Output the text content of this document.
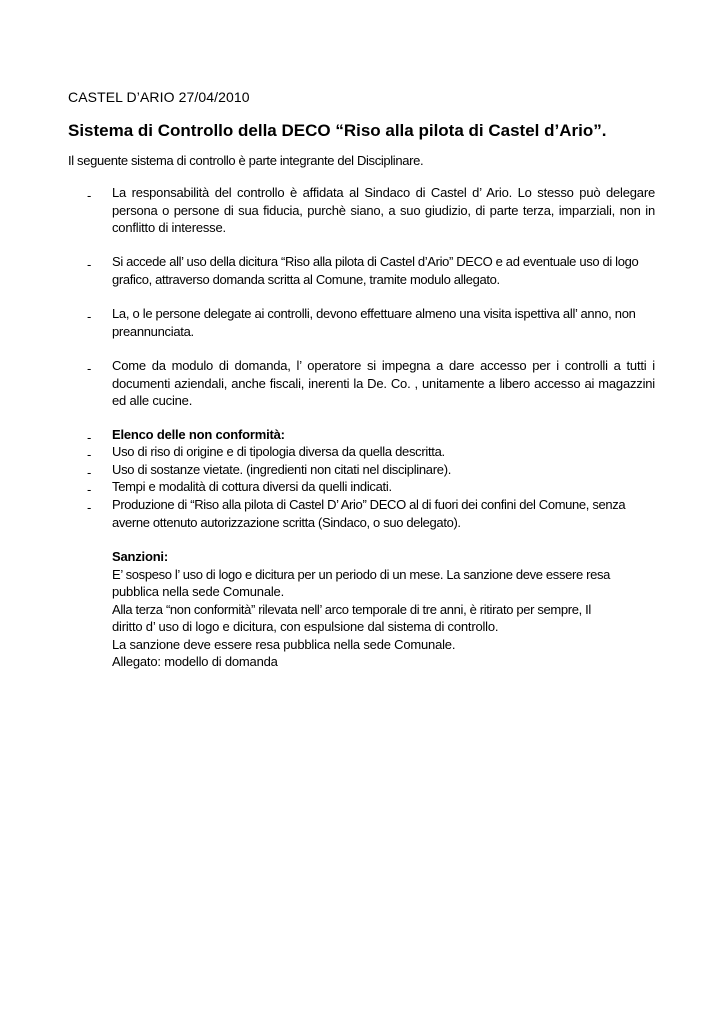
CASTEL D’ARIO 27/04/2010
Sistema di Controllo della DECO “Riso alla pilota di Castel d’Ario”.
Il seguente sistema di controllo è parte integrante del Disciplinare.
- La responsabilità del controllo è affidata al Sindaco di Castel d’ Ario. Lo stesso può delegare persona o persone di sua fiducia, purchè siano, a suo giudizio, di parte terza, imparziali, non in conflitto di interesse.
- Si accede all’ uso della dicitura “Riso alla pilota di Castel d’Ario” DECO e ad eventuale uso di logo grafico, attraverso domanda scritta al Comune, tramite modulo allegato.
- La, o le persone delegate ai controlli, devono effettuare almeno una visita ispettiva all’ anno, non preannunciata.
- Come da modulo di domanda, l’ operatore si impegna a dare accesso per i controlli a tutti i documenti aziendali, anche fiscali, inerenti la De. Co. , unitamente a libero accesso ai magazzini ed alle cucine.
- Elenco delle non conformità:
- Uso di riso di origine e di tipologia diversa da quella descritta.
- Uso di sostanze vietate. (ingredienti non citati nel disciplinare).
- Tempi e modalità di cottura diversi da quelli indicati.
- Produzione di “Riso alla pilota di Castel D’ Ario” DECO al di fuori dei confini del Comune, senza averne ottenuto autorizzazione scritta (Sindaco, o suo delegato).
Sanzioni:
E’ sospeso l’ uso di logo e dicitura per un periodo di un mese. La sanzione deve essere resa
pubblica nella sede Comunale.
Alla terza “non conformità” rilevata nell’ arco temporale di tre anni, è ritirato per sempre, Il
diritto d’ uso di logo e dicitura, con espulsione dal sistema di controllo.
La sanzione deve essere resa pubblica nella sede Comunale.
Allegato: modello di domanda
